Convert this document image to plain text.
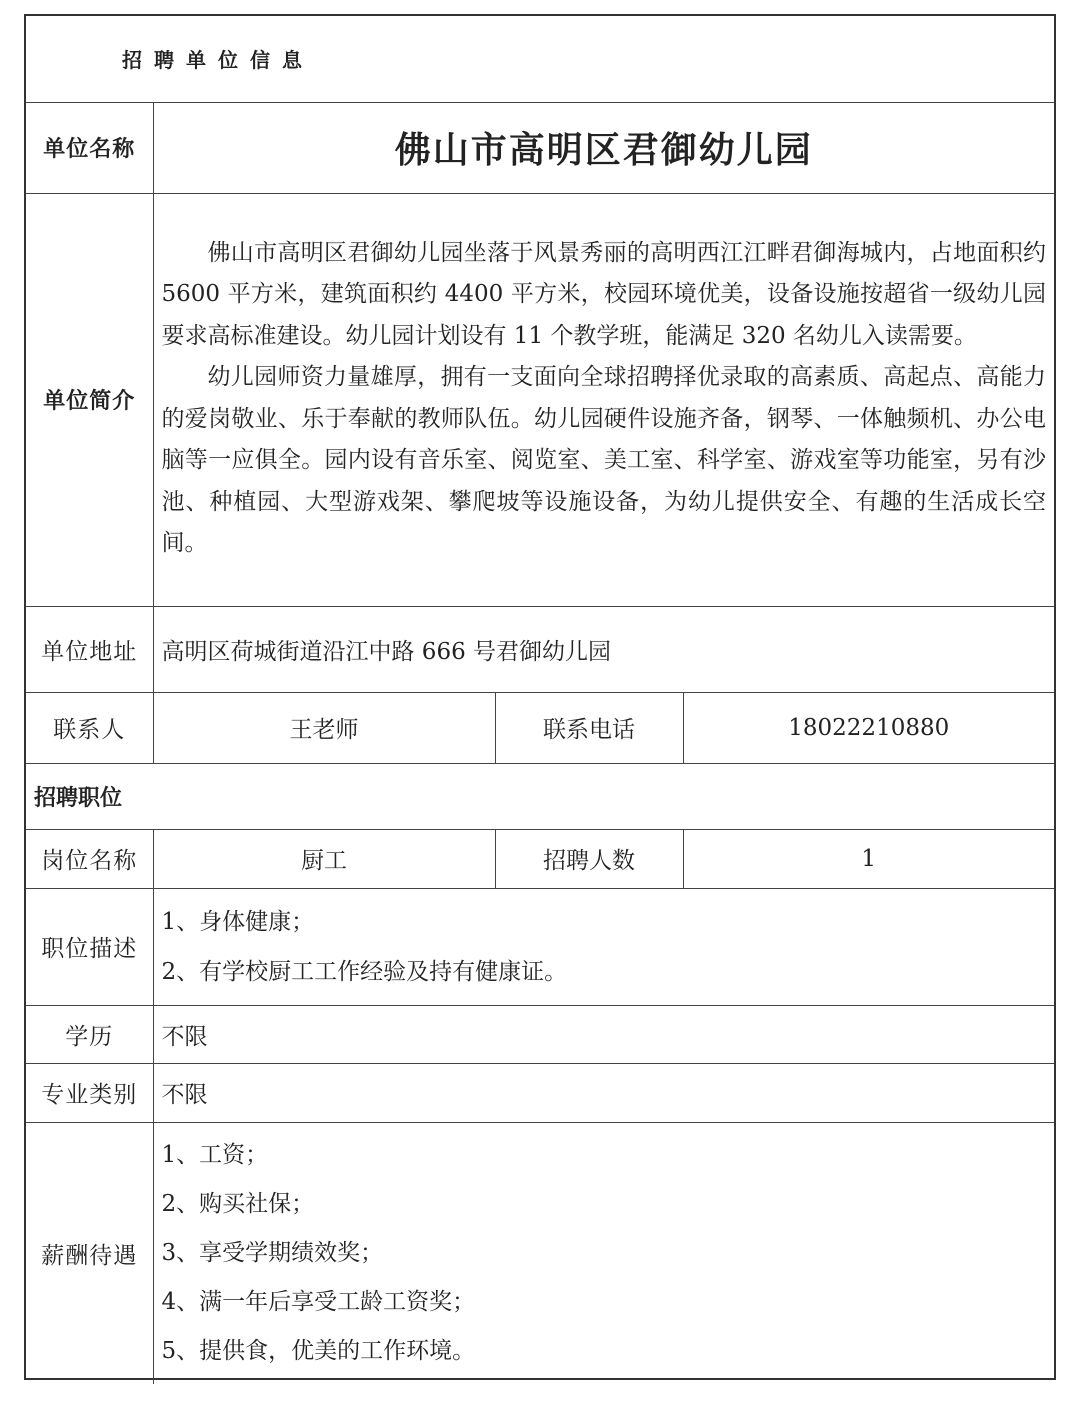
招聘单位信息			
单位名称	佛山市高明区君御幼儿园		
单位简介	佛山市高明区君御幼儿园坐落于风景秀丽的高明西江江畔君御海城内，占地面积约 5600 平方米，建筑面积约 4400 平方米，校园环境优美，设备设施按超省一级幼儿园要求高标准建设。幼儿园计划设有 11 个教学班，能满足 320 名幼儿入读需要。

幼儿园师资力量雄厚，拥有一支面向全球招聘择优录取的高素质、高起点、高能力的爱岗敬业、乐于奉献的教师队伍。幼儿园硬件设施齐备，钢琴、一体触频机、办公电脑等一应俱全。园内设有音乐室、阅览室、美工室、科学室、游戏室等功能室，另有沙池、种植园、大型游戏架、攀爬坡等设施设备，为幼儿提供安全、有趣的生活成长空间。		

单位地址	高明区荷城街道沿江中路 666 号君御幼儿园		
联系人	王老师	联系电话	18022210880
招聘职位			
岗位名称	厨工	招聘人数	1
职位描述	1、身体健康；
2、有学校厨工工作经验及持有健康证。		

学历	不限		
专业类别	不限		
薪酬待遇	1、工资；
2、购买社保；
3、享受学期绩效奖；
4、满一年后享受工龄工资奖；
5、提供食，优美的工作环境。		
